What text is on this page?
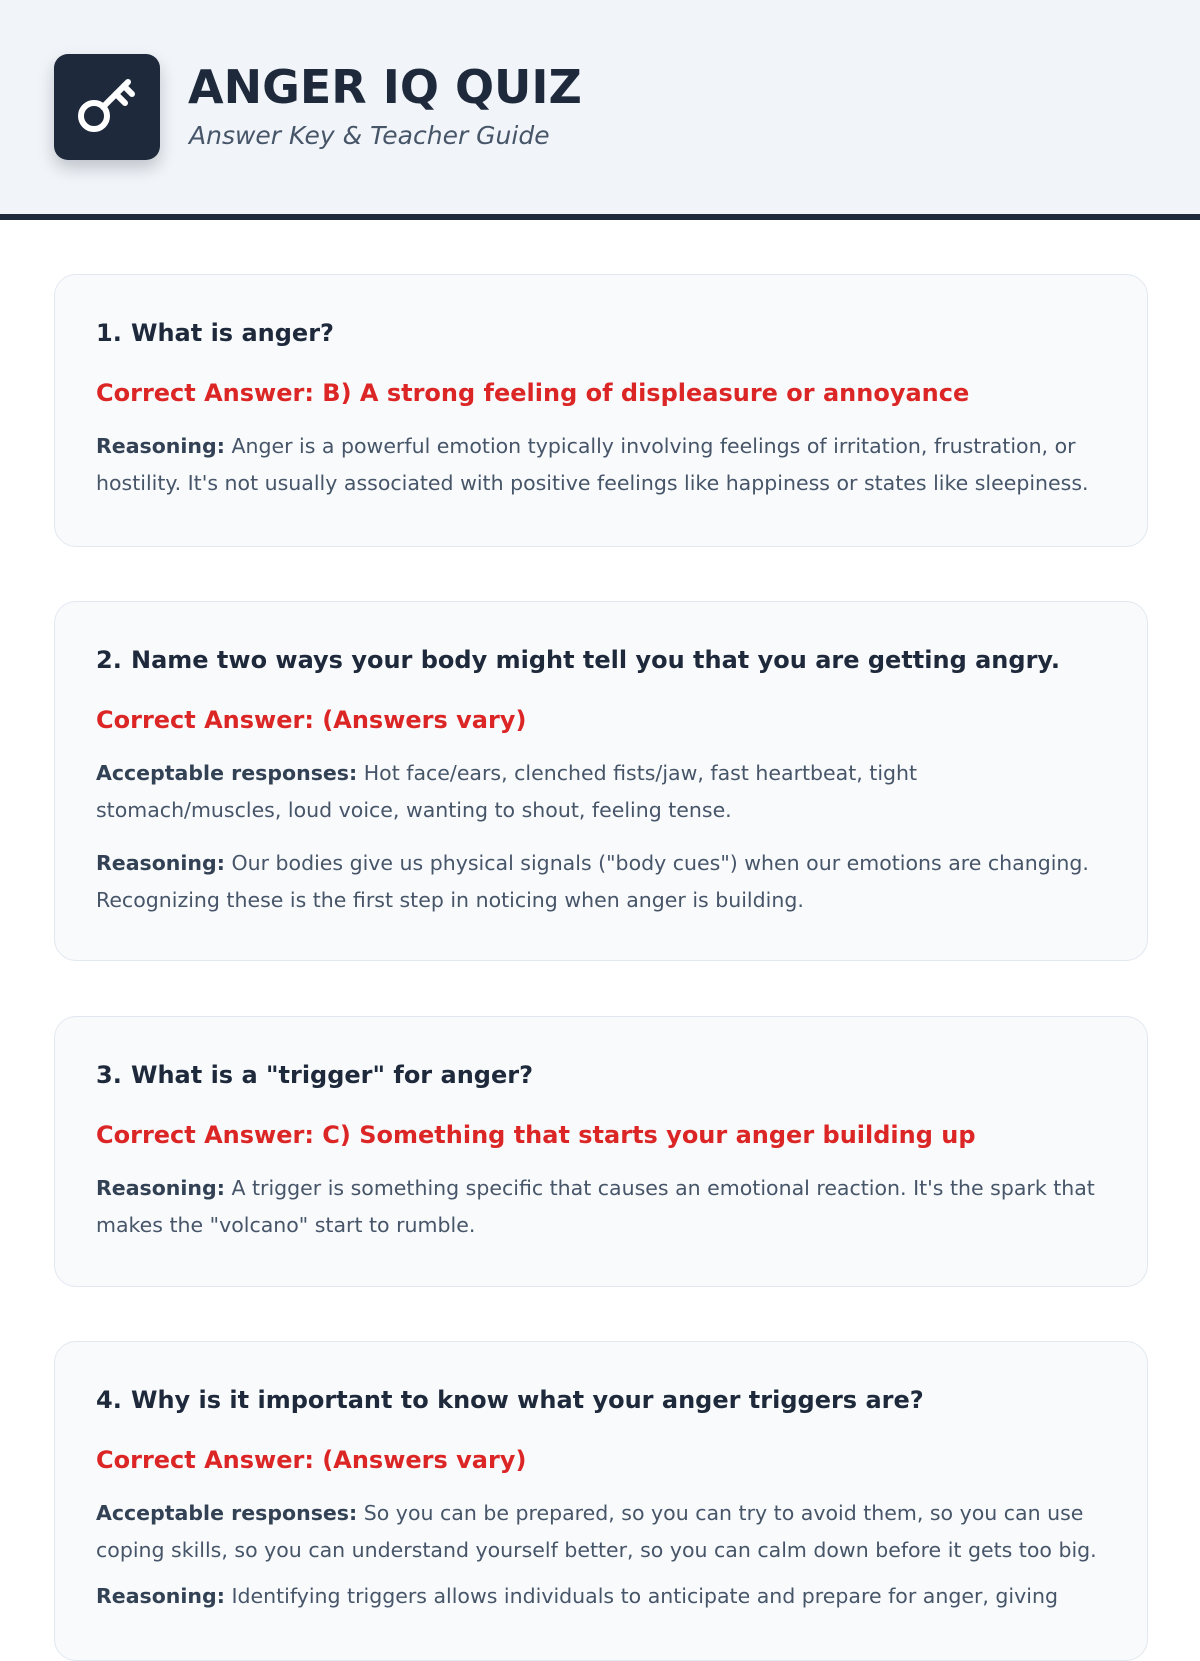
ANGER IQ QUIZ
Answer Key & Teacher Guide
1. What is anger?
Correct Answer: B) A strong feeling of displeasure or annoyance
Reasoning: Anger is a powerful emotion typically involving feelings of irritation, frustration, or hostility. It's not usually associated with positive feelings like happiness or states like sleepiness.
2. Name two ways your body might tell you that you are getting angry.
Correct Answer: (Answers vary)
Acceptable responses: Hot face/ears, clenched fists/jaw, fast heartbeat, tight stomach/muscles, loud voice, wanting to shout, feeling tense.
Reasoning: Our bodies give us physical signals ("body cues") when our emotions are changing. Recognizing these is the first step in noticing when anger is building.
3. What is a "trigger" for anger?
Correct Answer: C) Something that starts your anger building up
Reasoning: A trigger is something specific that causes an emotional reaction. It's the spark that makes the "volcano" start to rumble.
4. Why is it important to know what your anger triggers are?
Correct Answer: (Answers vary)
Acceptable responses: So you can be prepared, so you can try to avoid them, so you can use coping skills, so you can understand yourself better, so you can calm down before it gets too big.
Reasoning: Identifying triggers allows individuals to anticipate and prepare for anger, giving
